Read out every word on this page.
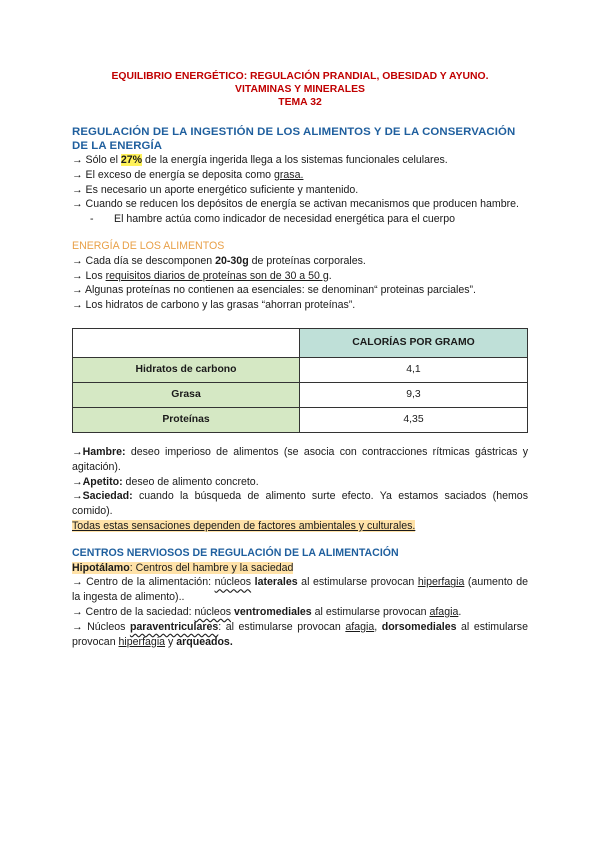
EQUILIBRIO ENERGÉTICO: REGULACIÓN PRANDIAL, OBESIDAD Y AYUNO.

VITAMINAS Y MINERALES

TEMA 32

REGULACIÓN DE LA INGESTIÓN DE LOS ALIMENTOS Y DE LA CONSERVACIÓN DE LA ENERGÍA

→ Sólo el 27% de la energía ingerida llega a los sistemas funcionales celulares.

→ El exceso de energía se deposita como grasa.

→ Es necesario un aporte energético suficiente y mantenido.

→ Cuando se reducen los depósitos de energía se activan mecanismos que producen hambre.

- El hambre actúa como indicador de necesidad energética para el cuerpo

ENERGÍA DE LOS ALIMENTOS

→ Cada día se descomponen 20-30g de proteínas corporales.

→ Los requisitos diarios de proteínas son de 30 a 50 g.

→ Algunas proteínas no contienen aa esenciales: se denominan“ proteinas parciales”.

→ Los hidratos de carbono y las grasas “ahorran proteínas”.

	CALORÍAS POR GRAMO
Hidratos de carbono	4,1
Grasa	9,3
Proteínas	4,35

→Hambre: deseo imperioso de alimentos (se asocia con contracciones rítmicas gástricas y agitación).

→Apetito: deseo de alimento concreto.

→Saciedad: cuando la búsqueda de alimento surte efecto. Ya estamos saciados (hemos comido).

Todas estas sensaciones dependen de factores ambientales y culturales.

CENTROS NERVIOSOS DE REGULACIÓN DE LA ALIMENTACIÓN

Hipotálamo: Centros del hambre y la saciedad

→ Centro de la alimentación: núcleos laterales al estimularse provocan hiperfagia (aumento de la ingesta de alimento)..

→ Centro de la saciedad: núcleos ventromediales al estimularse provocan afagia.

→ Núcleos paraventriculares: al estimularse provocan afagia, dorsomediales al estimularse provocan hiperfagia y arqueados.
